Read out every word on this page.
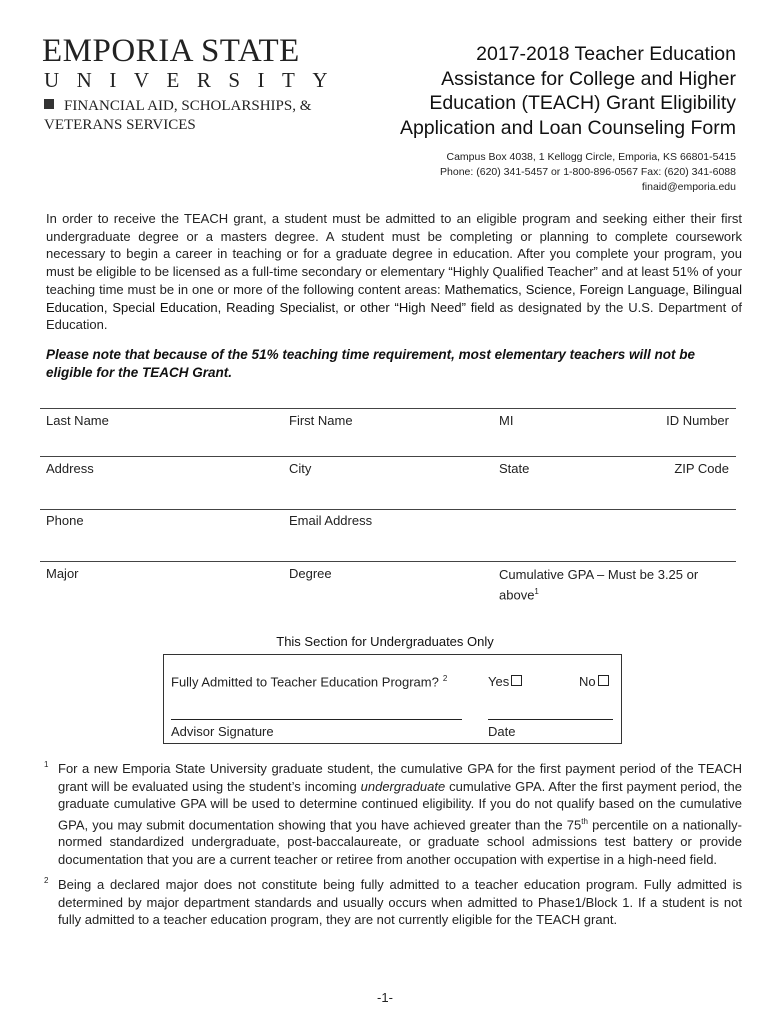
EMPORIA STATE
UNIVERSITY
FINANCIAL AID, SCHOLARSHIPS, &
VETERANS SERVICES
2017-2018 Teacher Education
Assistance for College and Higher
Education (TEACH) Grant Eligibility
Application and Loan Counseling Form
Campus Box 4038, 1 Kellogg Circle, Emporia, KS 66801-5415
Phone: (620) 341-5457 or 1-800-896-0567 Fax: (620) 341-6088
finaid@emporia.edu
In order to receive the TEACH grant, a student must be admitted to an eligible program and seeking either their first undergraduate degree or a masters degree. A student must be completing or planning to complete coursework necessary to begin a career in teaching or for a graduate degree in education. After you complete your program, you must be eligible to be licensed as a full-time secondary or elementary “Highly Qualified Teacher” and at least 51% of your teaching time must be in one or more of the following content areas: Mathematics, Science, Foreign Language, Bilingual Education, Special Education, Reading Specialist, or other “High Need” field as designated by the U.S. Department of Education.
Please note that because of the 51% teaching time requirement, most elementary teachers will not be eligible for the TEACH Grant.
Last Name	First Name	MI	ID Number
Address	City	State	ZIP Code
Phone	Email Address
Major	Degree	Cumulative GPA – Must be 3.25 or
above$^1$
This Section for Undergraduates Only
Fully Admitted to Teacher Education Program? $^2$	Yes	No
Advisor Signature	Date
1 For a new Emporia State University graduate student, the cumulative GPA for the first payment period of the TEACH grant will be evaluated using the student’s incoming undergraduate cumulative GPA. After the first payment period, the graduate cumulative GPA will be used to determine continued eligibility. If you do not qualify based on the cumulative GPA, you may submit documentation showing that you have achieved greater than the 75th percentile on a nationally-normed standardized undergraduate, post-baccalaureate, or graduate school admissions test battery or provide documentation that you are a current teacher or retiree from another occupation with expertise in a high-need field.
2 Being a declared major does not constitute being fully admitted to a teacher education program. Fully admitted is determined by major department standards and usually occurs when admitted to Phase1/Block 1. If a student is not fully admitted to a teacher education program, they are not currently eligible for the TEACH grant.
-1-
